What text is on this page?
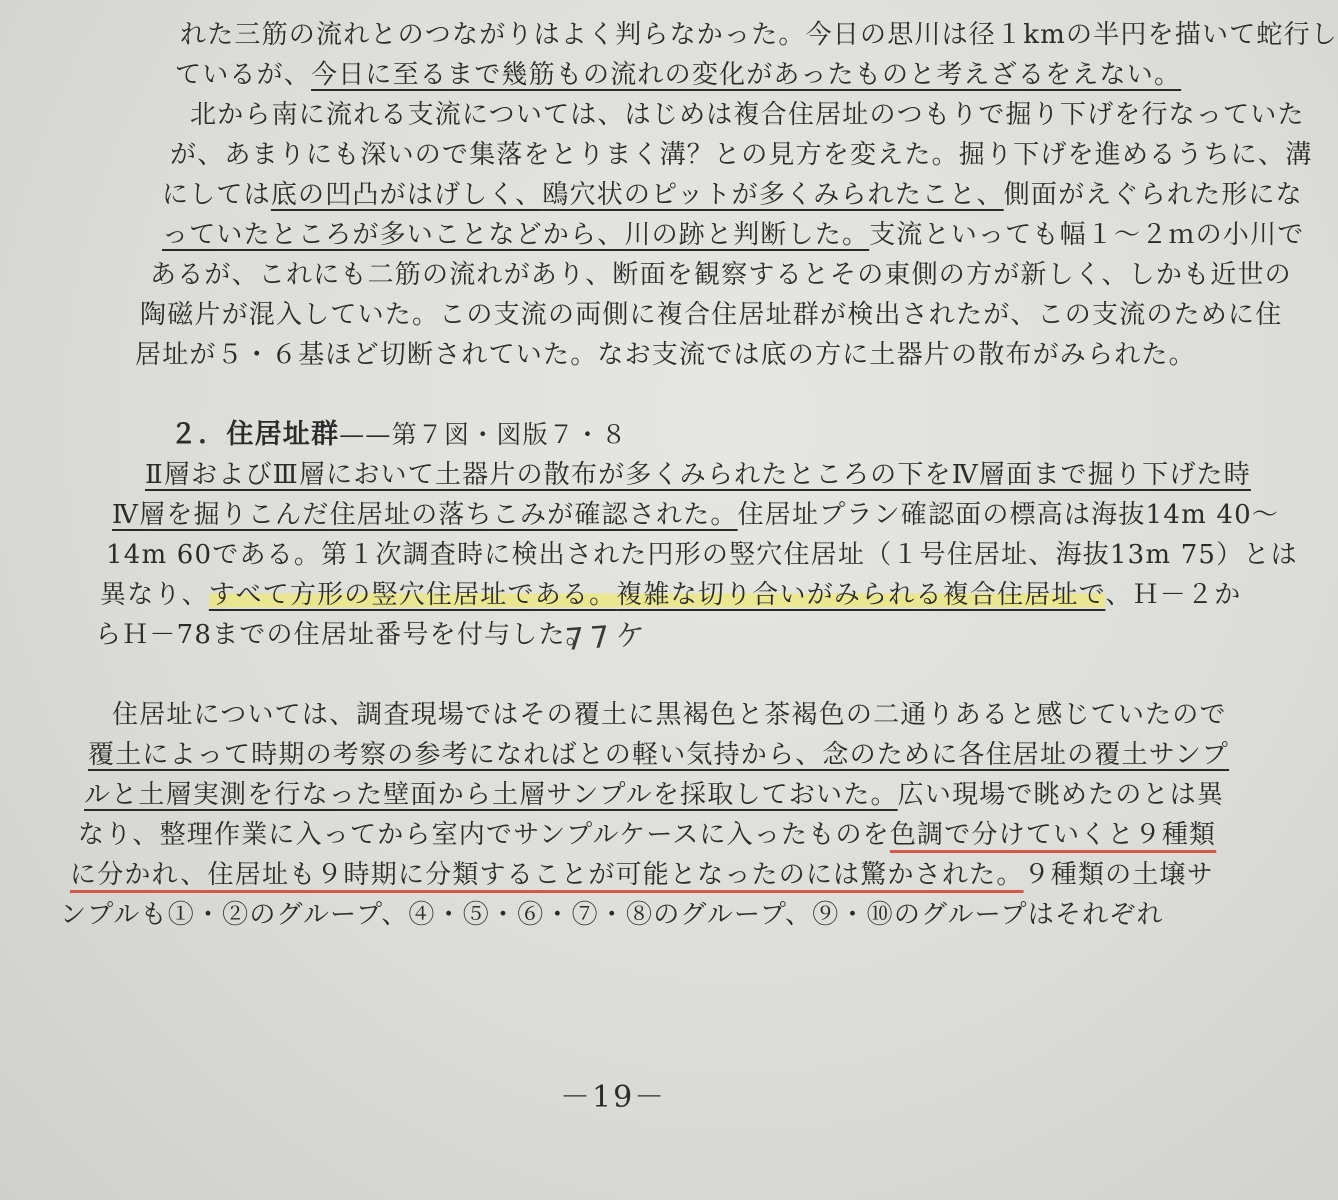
れた三筋の流れとのつながりはよく判らなかった。今日の思川は径１kmの半円を描いて蛇行し
ているが、今日に至るまで幾筋もの流れの変化があったものと考えざるをえない。
北から南に流れる支流については、はじめは複合住居址のつもりで掘り下げを行なっていた
が、あまりにも深いので集落をとりまく溝？との見方を変えた。掘り下げを進めるうちに、溝
にしては底の凹凸がはげしく、鴎穴状のピットが多くみられたこと、側面がえぐられた形にな
っていたところが多いことなどから、川の跡と判断した。支流といっても幅１～２ｍの小川で
あるが、これにも二筋の流れがあり、断面を観察するとその東側の方が新しく、しかも近世の
陶磁片が混入していた。この支流の両側に複合住居址群が検出されたが、この支流のために住
居址が５・６基ほど切断されていた。なお支流では底の方に土器片の散布がみられた。
２．住居址群——第７図・図版７・８
Ⅱ層およびⅢ層において土器片の散布が多くみられたところの下をⅣ層面まで掘り下げた時
Ⅳ層を掘りこんだ住居址の落ちこみが確認された。住居址プラン確認面の標高は海抜14m 40～
14m 60である。第１次調査時に検出された円形の竪穴住居址（１号住居址、海抜13m 75）とは
異なり、すべて方形の竪穴住居址である。複雑な切り合いがみられる複合住居址で、Ｈ－２か
らＨ－78までの住居址番号を付与した。
77ケ
住居址については、調査現場ではその覆土に黒褐色と茶褐色の二通りあると感じていたので
覆土によって時期の考察の参考になればとの軽い気持から、念のために各住居址の覆土サンプ
ルと土層実測を行なった壁面から土層サンプルを採取しておいた。広い現場で眺めたのとは異
なり、整理作業に入ってから室内でサンプルケースに入ったものを色調で分けていくと９種類
に分かれ、住居址も９時期に分類することが可能となったのには驚かされた。９種類の土壌サ
ンプルも①・②のグループ、④・⑤・⑥・⑦・⑧のグループ、⑨・⑩のグループはそれぞれ
－19－
